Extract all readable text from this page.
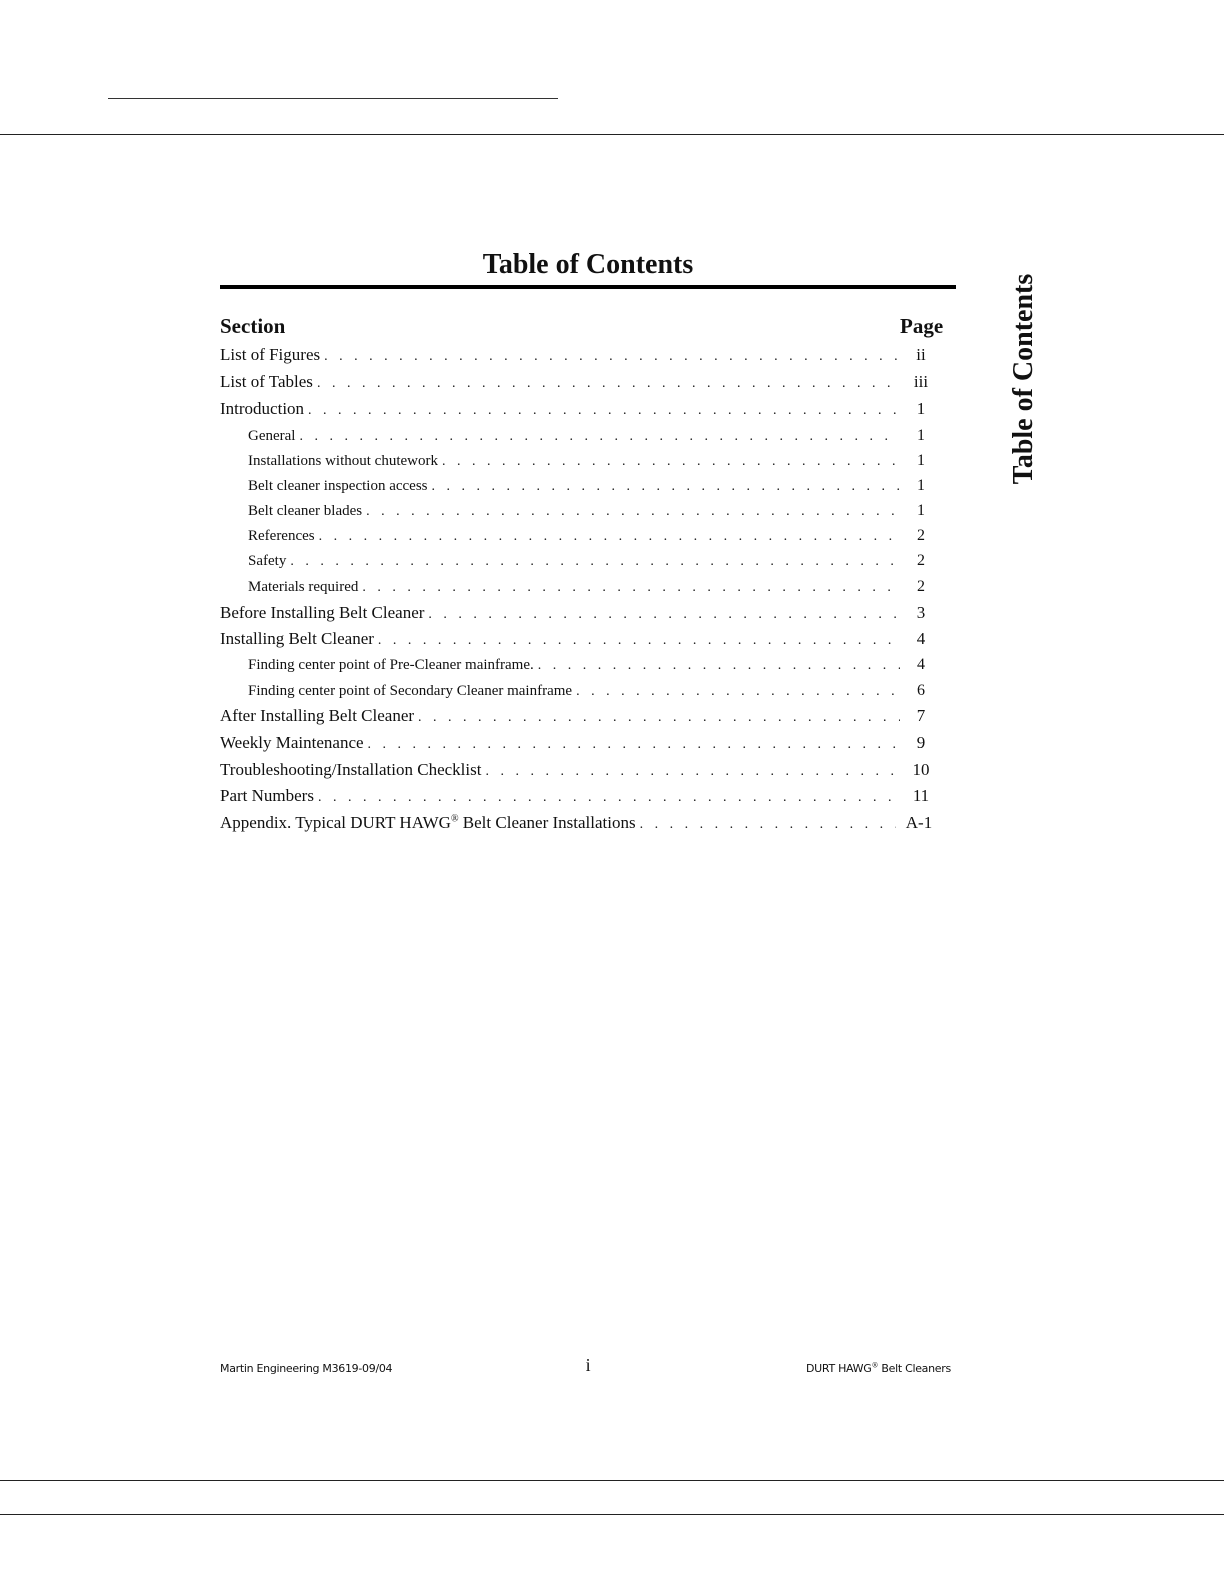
Table of Contents
Table of Contents
Section	Page
List of Figures . . .	ii
List of Tables . . .	iii
Introduction . . .	1
General . . .	1
Installations without chutework . . .	1
Belt cleaner inspection access . . .	1
Belt cleaner blades . . .	1
References . . .	2
Safety . . .	2
Materials required . . .	2
Before Installing Belt Cleaner . . .	3
Installing Belt Cleaner . . .	4
Finding center point of Pre-Cleaner mainframe. . . .	4
Finding center point of Secondary Cleaner mainframe . . .	6
After Installing Belt Cleaner . . .	7
Weekly Maintenance . . .	9
Troubleshooting/Installation Checklist . . .	10
Part Numbers . . .	11
Appendix. Typical DURT HAWG® Belt Cleaner Installations . . .	A-1
Martin Engineering M3619-09/04	i	DURT HAWG® Belt Cleaners
